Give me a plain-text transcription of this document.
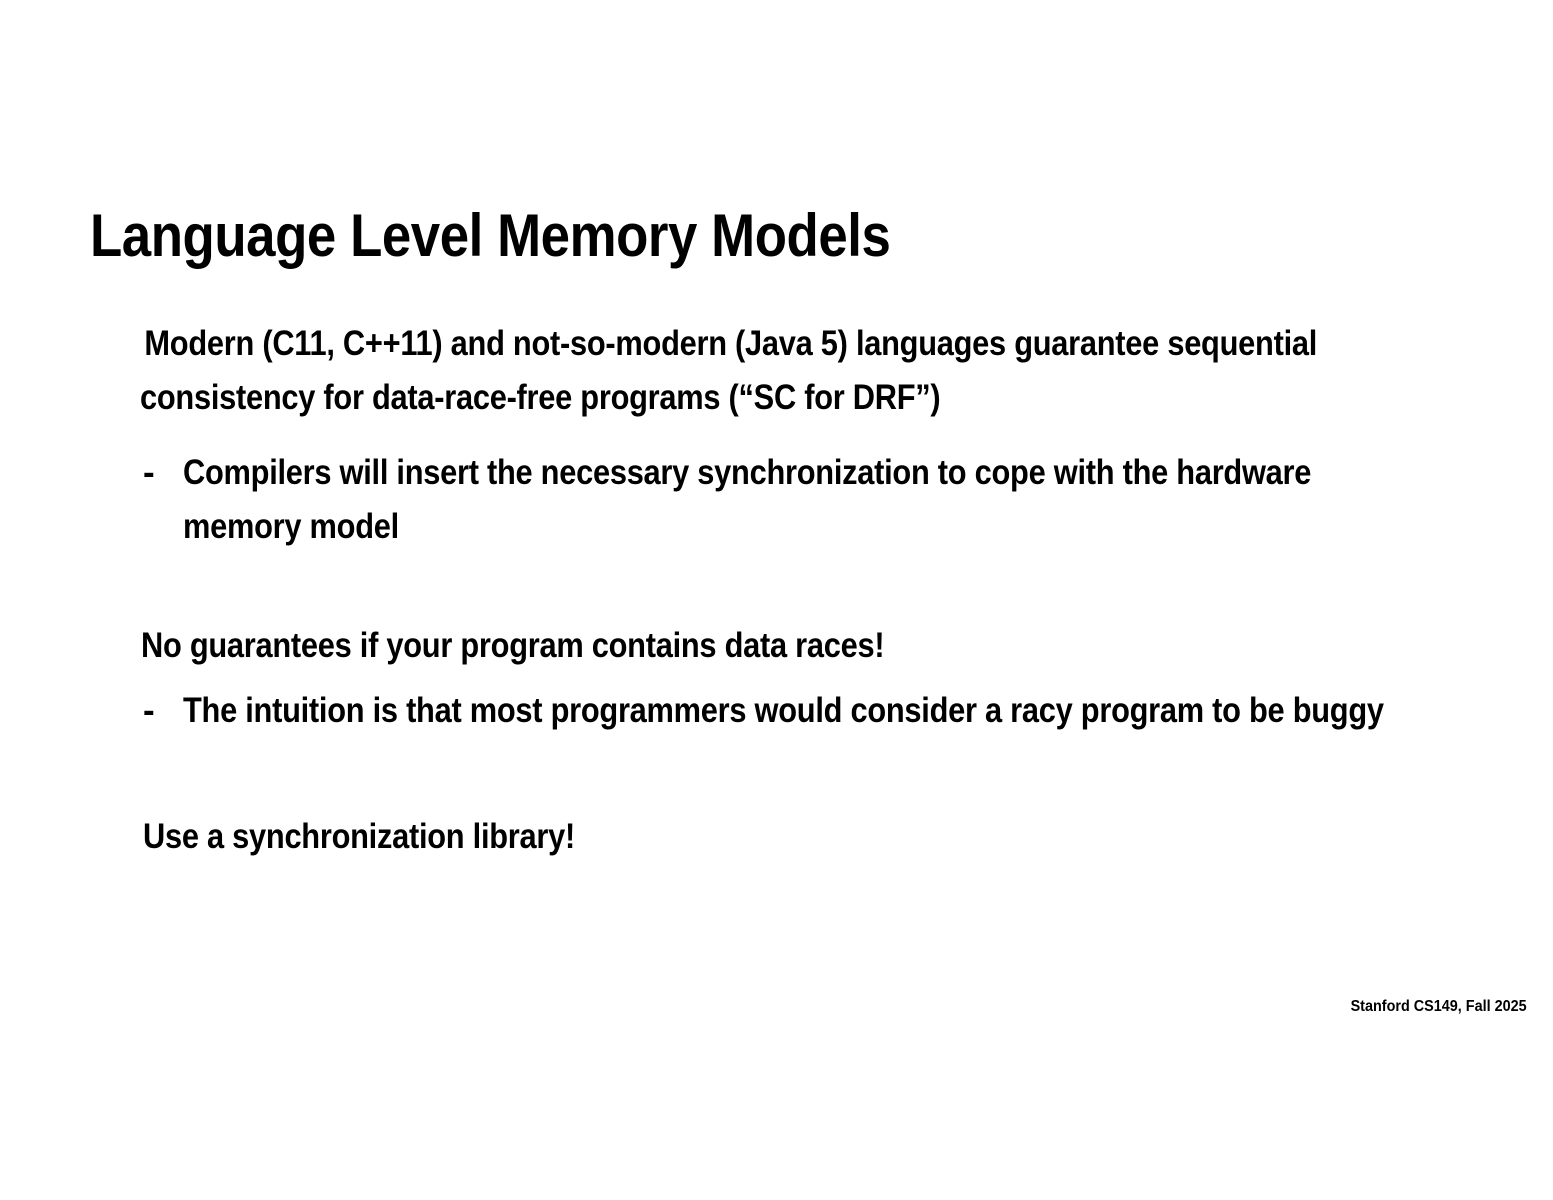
Language Level Memory Models
Modern (C11, C++11) and not-so-modern (Java 5) languages guarantee sequential
consistency for data-race-free programs (“SC for DRF”)
- Compilers will insert the necessary synchronization to cope with the hardware
memory model
No guarantees if your program contains data races!
- The intuition is that most programmers would consider a racy program to be buggy
Use a synchronization library!
Stanford CS149, Fall 2025
